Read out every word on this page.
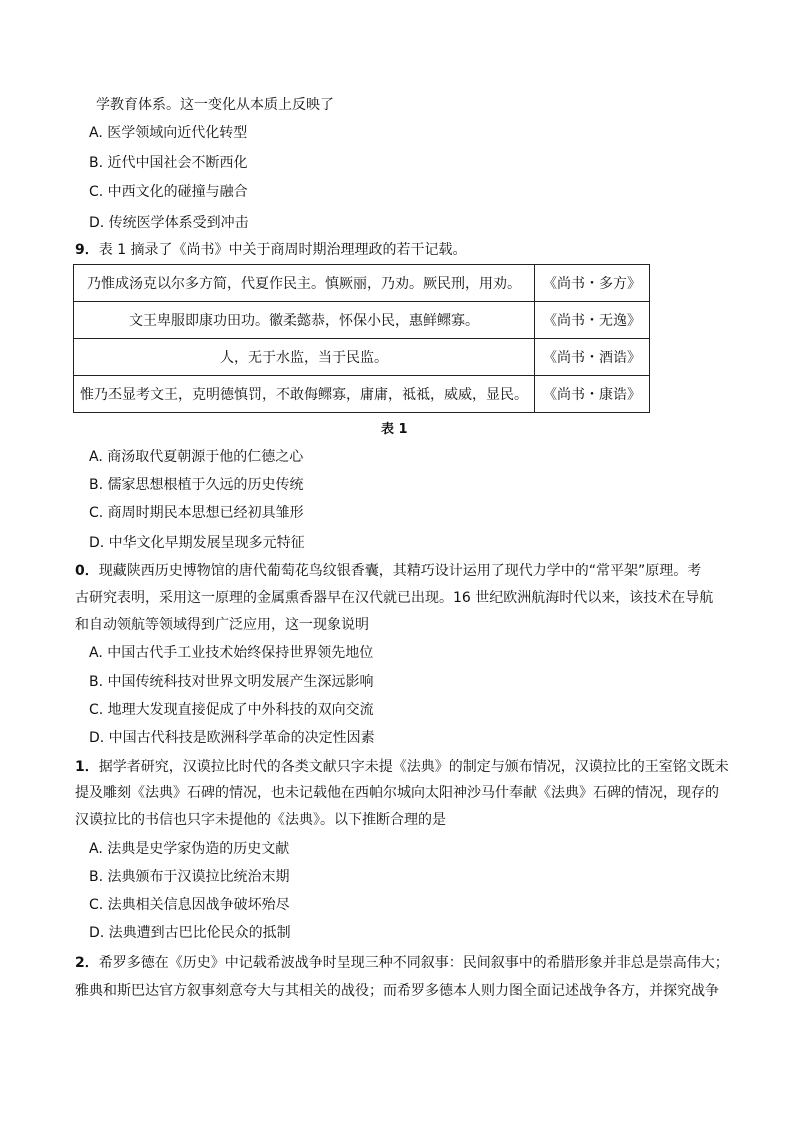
学教育体系。这一变化从本质上反映了
A. 医学领域向近代化转型
B. 近代中国社会不断西化
C. 中西文化的碰撞与融合
D. 传统医学体系受到冲击
9．表 1 摘录了《尚书》中关于商周时期治理理政的若干记载。
乃惟成汤克以尔多方简，代夏作民主。慎厥丽，乃劝。厥民刑，用劝。	《尚书・多方》
文王卑服即康功田功。徽柔懿恭，怀保小民，惠鲜鳏寡。	《尚书・无逸》
人，无于水监，当于民监。	《尚书・酒诰》
惟乃丕显考文王，克明德慎罚，不敢侮鳏寡，庸庸，祗祗，威威，显民。	《尚书・康诰》
表 1
A. 商汤取代夏朝源于他的仁德之心
B. 儒家思想根植于久远的历史传统
C. 商周时期民本思想已经初具雏形
D. 中华文化早期发展呈现多元特征
0．现藏陕西历史博物馆的唐代葡萄花鸟纹银香囊，其精巧设计运用了现代力学中的“常平架”原理。考
古研究表明，采用这一原理的金属熏香器早在汉代就已出现。16 世纪欧洲航海时代以来，该技术在导航
和自动领航等领域得到广泛应用，这一现象说明
A. 中国古代手工业技术始终保持世界领先地位
B. 中国传统科技对世界文明发展产生深远影响
C. 地理大发现直接促成了中外科技的双向交流
D. 中国古代科技是欧洲科学革命的决定性因素
1．据学者研究，汉谟拉比时代的各类文献只字未提《法典》的制定与颁布情况，汉谟拉比的王室铭文既未
提及雕刻《法典》石碑的情况，也未记载他在西帕尔城向太阳神沙马什奉献《法典》石碑的情况，现存的
汉谟拉比的书信也只字未提他的《法典》。以下推断合理的是
A. 法典是史学家伪造的历史文献
B. 法典颁布于汉谟拉比统治末期
C. 法典相关信息因战争破坏殆尽
D. 法典遭到古巴比伦民众的抵制
2．希罗多德在《历史》中记载希波战争时呈现三种不同叙事：民间叙事中的希腊形象并非总是崇高伟大；
雅典和斯巴达官方叙事刻意夸大与其相关的战役；而希罗多德本人则力图全面记述战争各方，并探究战争
